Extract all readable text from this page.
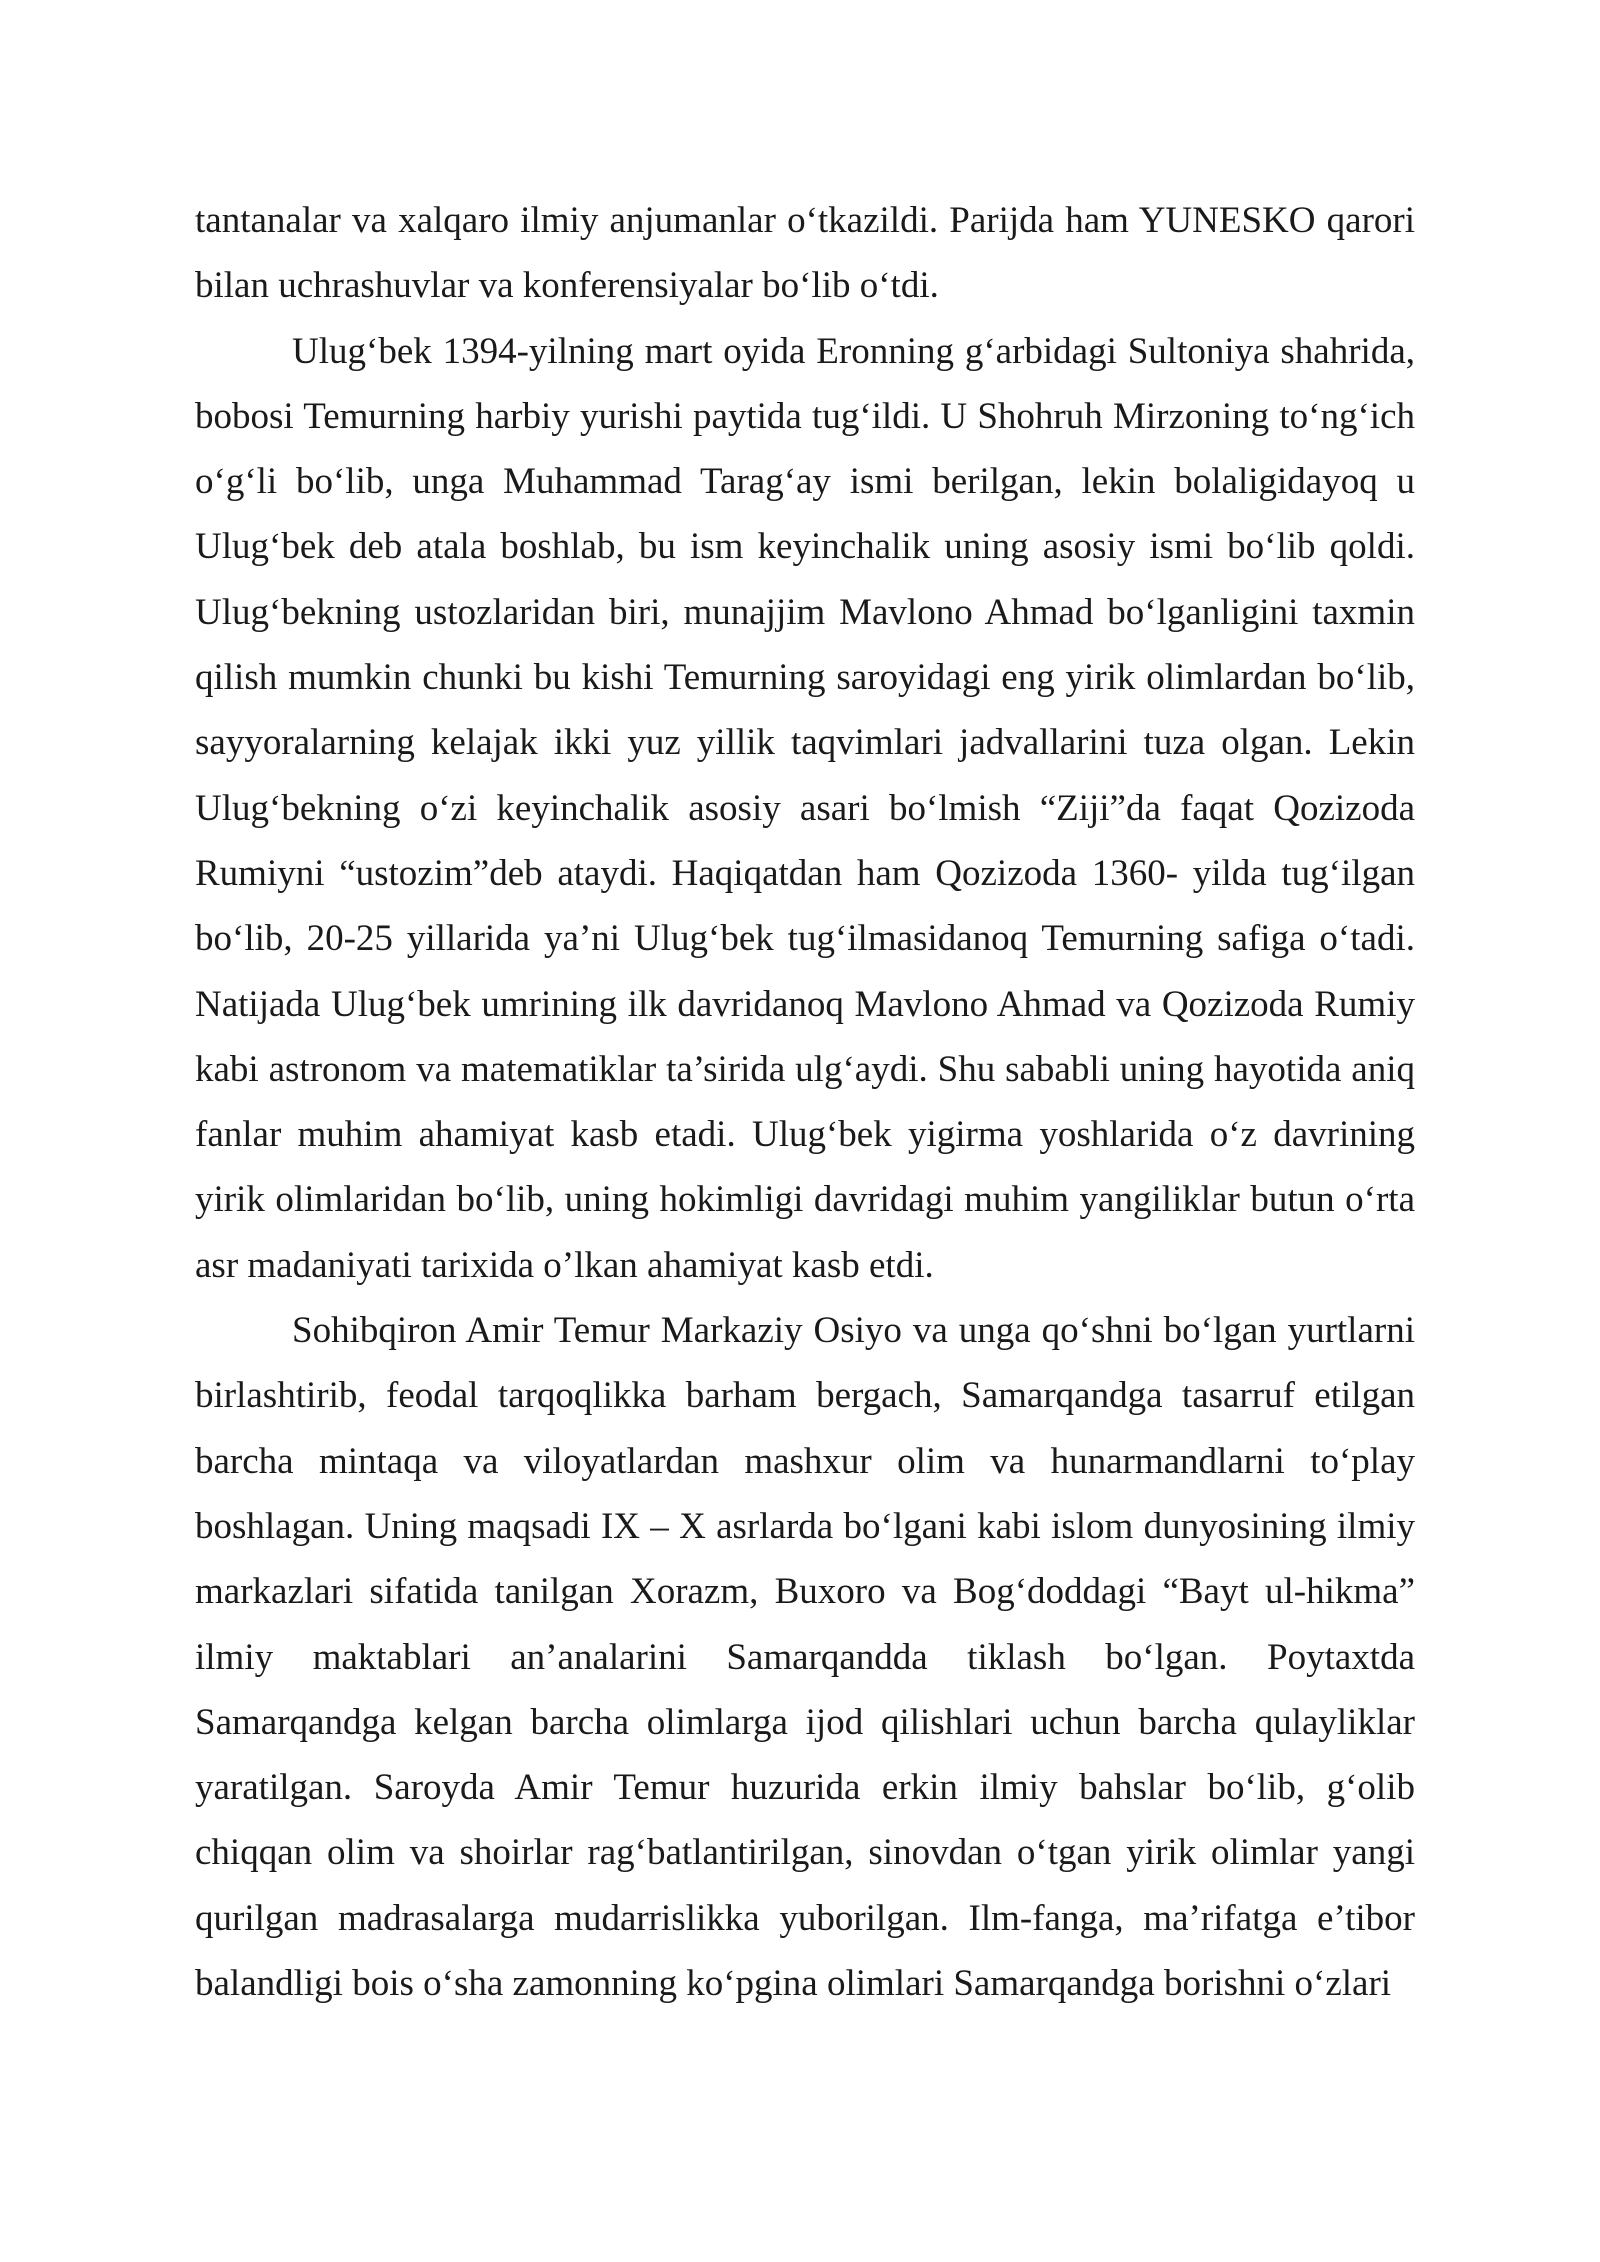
tantanalar va xalqaro ilmiy anjumanlar o‘tkazildi. Parijda ham YUNESKO qarori bilan uchrashuvlar va konferensiyalar bo‘lib o‘tdi.

Ulug‘bek 1394-yilning mart oyida Eronning g‘arbidagi Sultoniya shahrida, bobosi Temurning harbiy yurishi paytida tug‘ildi. U Shohruh Mirzoning to‘ng‘ich o‘g‘li bo‘lib, unga Muhammad Tarag‘ay ismi berilgan, lekin bolaligidayoq u Ulug‘bek deb atala boshlab, bu ism keyinchalik uning asosiy ismi bo‘lib qoldi. Ulug‘bekning ustozlaridan biri, munajjim Mavlono Ahmad bo‘lganligini taxmin qilish mumkin chunki bu kishi Temurning saroyidagi eng yirik olimlardan bo‘lib, sayyoralarning kelajak ikki yuz yillik taqvimlari jadvallarini tuza olgan. Lekin Ulug‘bekning o‘zi keyinchalik asosiy asari bo‘lmish “Ziji”da faqat Qozizoda Rumiyni “ustozim”deb ataydi. Haqiqatdan ham Qozizoda 1360- yilda tug‘ilgan bo‘lib, 20-25 yillarida ya’ni Ulug‘bek tug‘ilmasidanoq Temurning safiga o‘tadi. Natijada Ulug‘bek umrining ilk davridanoq Mavlono Ahmad va Qozizoda Rumiy kabi astronom va matematiklar ta’sirida ulg‘aydi. Shu sababli uning hayotida aniq fanlar muhim ahamiyat kasb etadi. Ulug‘bek yigirma yoshlarida o‘z davrining yirik olimlaridan bo‘lib, uning hokimligi davridagi muhim yangiliklar butun o‘rta asr madaniyati tarixida o’lkan ahamiyat kasb etdi.

Sohibqiron Amir Temur Markaziy Osiyo va unga qo‘shni bo‘lgan yurtlarni birlashtirib, feodal tarqoqlikka barham bergach, Samarqandga tasarruf etilgan barcha mintaqa va viloyatlardan mashxur olim va hunarmandlarni to‘play boshlagan. Uning maqsadi IX – X asrlarda bo‘lgani kabi islom dunyosining ilmiy markazlari sifatida tanilgan Xorazm, Buxoro va Bog‘doddagi “Bayt ul-hikma” ilmiy maktablari an’analarini Samarqandda tiklash bo‘lgan. Poytaxtda Samarqandga kelgan barcha olimlarga ijod qilishlari uchun barcha qulayliklar yaratilgan. Saroyda Amir Temur huzurida erkin ilmiy bahslar bo‘lib, g‘olib chiqqan olim va shoirlar rag‘batlantirilgan, sinovdan o‘tgan yirik olimlar yangi qurilgan madrasalarga mudarrislikka yuborilgan. Ilm-fanga, ma’rifatga e’tibor balandligi bois o‘sha zamonning ko‘pgina olimlari Samarqandga borishni o‘zlari
